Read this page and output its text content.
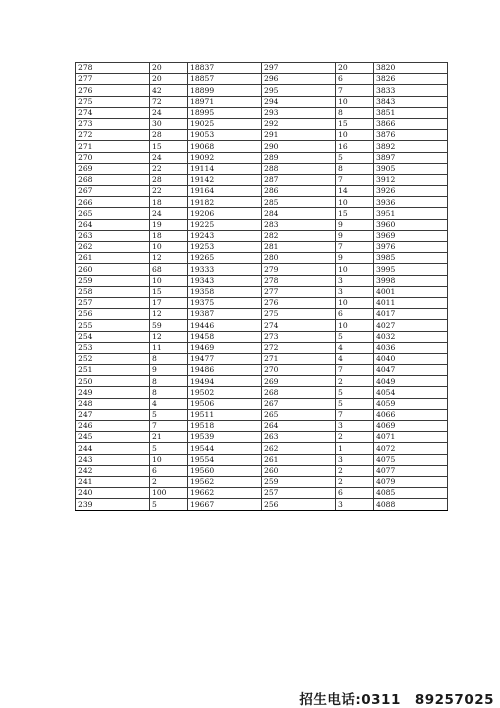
278	20	18837	297	20	3820
277	20	18857	296	6	3826
276	42	18899	295	7	3833
275	72	18971	294	10	3843
274	24	18995	293	8	3851
273	30	19025	292	15	3866
272	28	19053	291	10	3876
271	15	19068	290	16	3892
270	24	19092	289	5	3897
269	22	19114	288	8	3905
268	28	19142	287	7	3912
267	22	19164	286	14	3926
266	18	19182	285	10	3936
265	24	19206	284	15	3951
264	19	19225	283	9	3960
263	18	19243	282	9	3969
262	10	19253	281	7	3976
261	12	19265	280	9	3985
260	68	19333	279	10	3995
259	10	19343	278	3	3998
258	15	19358	277	3	4001
257	17	19375	276	10	4011
256	12	19387	275	6	4017
255	59	19446	274	10	4027
254	12	19458	273	5	4032
253	11	19469	272	4	4036
252	8	19477	271	4	4040
251	9	19486	270	7	4047
250	8	19494	269	2	4049
249	8	19502	268	5	4054
248	4	19506	267	5	4059
247	5	19511	265	7	4066
246	7	19518	264	3	4069
245	21	19539	263	2	4071
244	5	19544	262	1	4072
243	10	19554	261	3	4075
242	6	19560	260	2	4077
241	2	19562	259	2	4079
240	100	19662	257	6	4085
239	5	19667	256	3	4088
招生电话:0311　89257025
